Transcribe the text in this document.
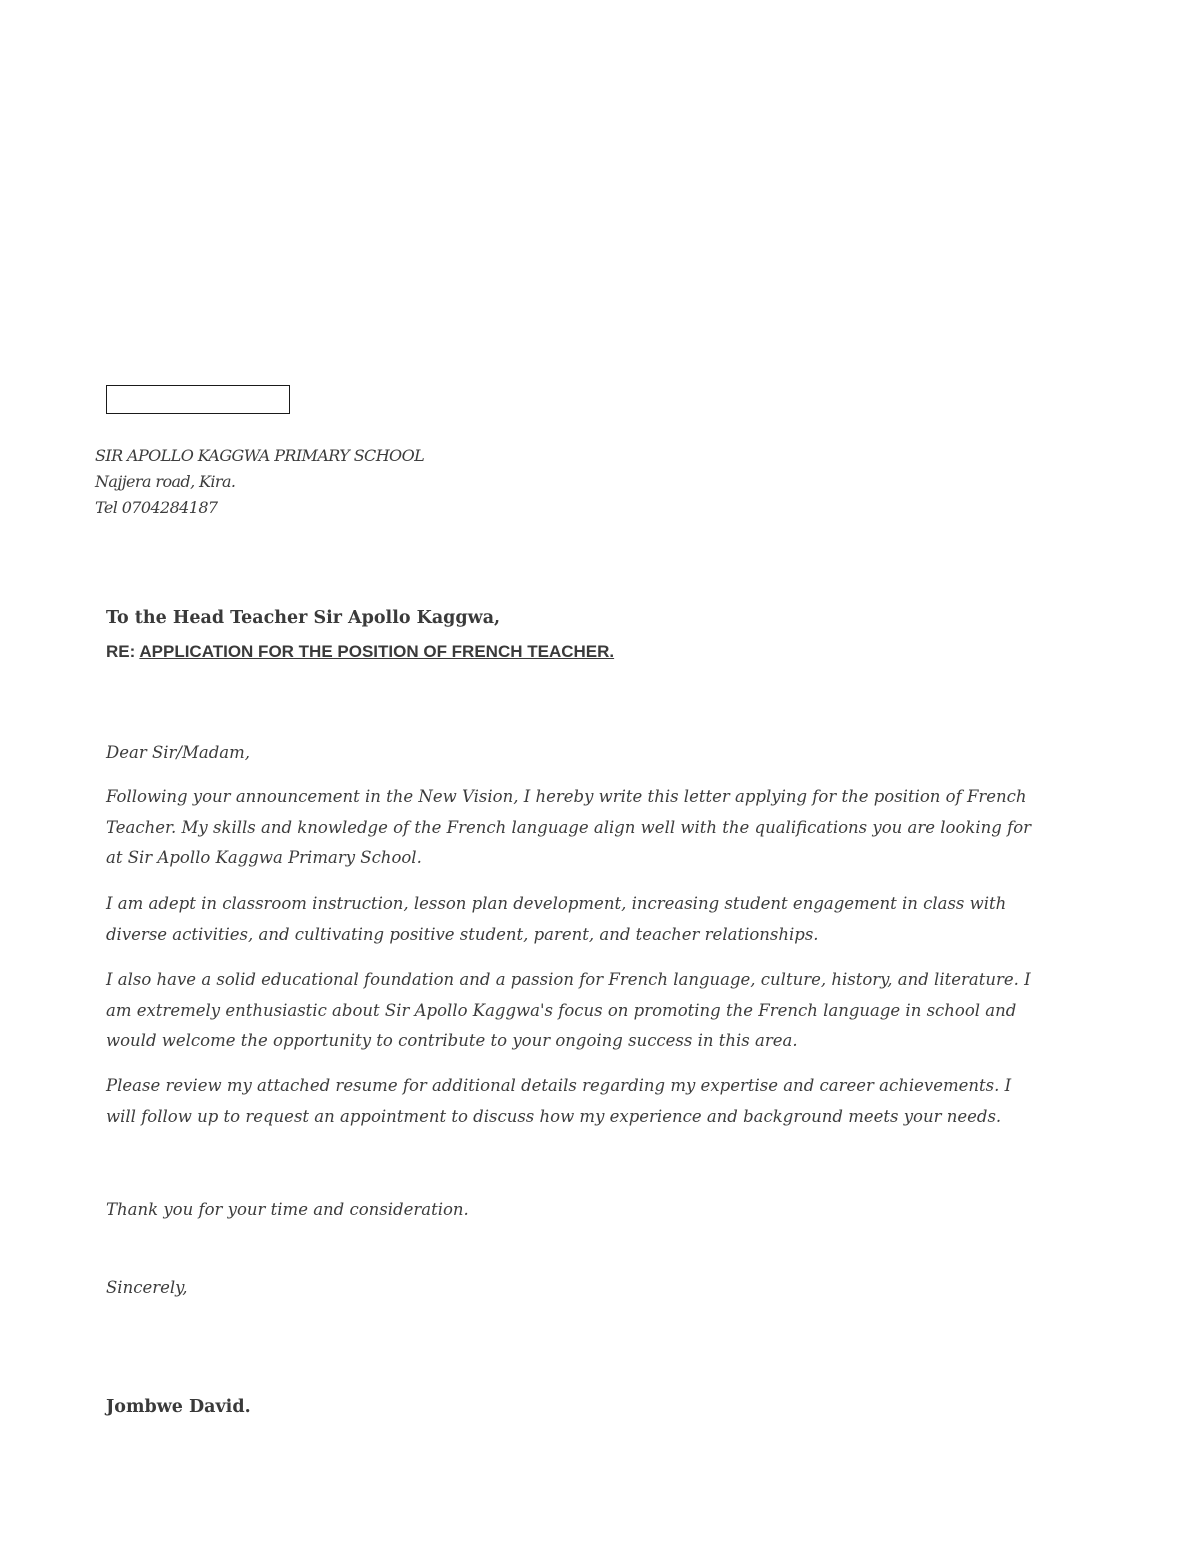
SIR APOLLO KAGGWA PRIMARY SCHOOL
Najjera road, Kira.
Tel 0704284187
To the Head Teacher Sir Apollo Kaggwa,
RE: APPLICATION FOR THE POSITION OF FRENCH TEACHER.
Dear Sir/Madam,
Following your announcement in the New Vision, I hereby write this letter applying for the position of French
Teacher. My skills and knowledge of the French language align well with the qualifications you are looking for
at Sir Apollo Kaggwa Primary School.
I am adept in classroom instruction, lesson plan development, increasing student engagement in class with
diverse activities, and cultivating positive student, parent, and teacher relationships.
I also have a solid educational foundation and a passion for French language, culture, history, and literature. I
am extremely enthusiastic about Sir Apollo Kaggwa's focus on promoting the French language in school and
would welcome the opportunity to contribute to your ongoing success in this area.
Please review my attached resume for additional details regarding my expertise and career achievements. I
will follow up to request an appointment to discuss how my experience and background meets your needs.
Thank you for your time and consideration.
Sincerely,
Jombwe David.
